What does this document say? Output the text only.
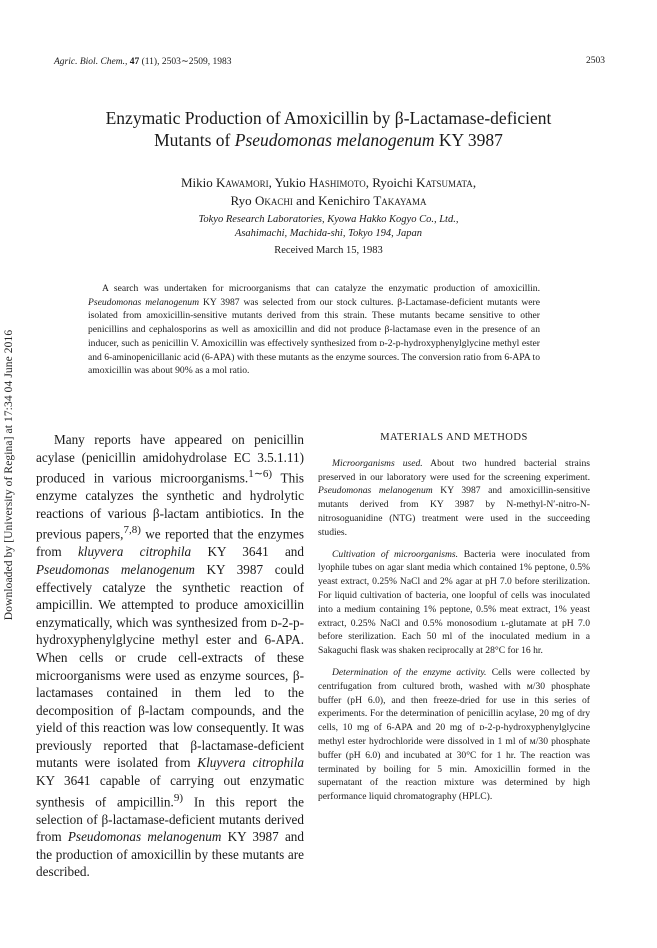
Downloaded by [University of Regina] at 17:34 04 June 2016
Agric. Biol. Chem., 47 (11), 2503∼2509, 1983	2503
Enzymatic Production of Amoxicillin by β-Lactamase-deficient
Mutants of Pseudomonas melanogenum KY 3987
Mikio Kawamori, Yukio Hashimoto, Ryoichi Katsumata,
Ryo Okachi and Kenichiro Takayama
Tokyo Research Laboratories, Kyowa Hakko Kogyo Co., Ltd.,
Asahimachi, Machida-shi, Tokyo 194, Japan
Received March 15, 1983
A search was undertaken for microorganisms that can catalyze the enzymatic production of amoxicillin. Pseudomonas melanogenum KY 3987 was selected from our stock cultures. β-Lactamase-deficient mutants were isolated from amoxicillin-sensitive mutants derived from this strain. These mutants became sensitive to other penicillins and cephalosporins as well as amoxicillin and did not produce β-lactamase even in the presence of an inducer, such as penicillin V. Amoxicillin was effectively synthesized from ᴅ-2-p-hydroxyphenylglycine methyl ester and 6-aminopenicillanic acid (6-APA) with these mutants as the enzyme sources. The conversion ratio from 6-APA to amoxicillin was about 90% as a mol ratio.
Many reports have appeared on penicillin acylase (penicillin amidohydrolase EC 3.5.1.11) produced in various microorganisms.$^{1\sim 6)}$ This enzyme catalyzes the synthetic and hydrolytic reactions of various β-lactam antibiotics. In the previous papers,$^{7,8)}$ we reported that the enzymes from kluyvera citrophila KY 3641 and Pseudomonas melanogenum KY 3987 could effectively catalyze the synthetic reaction of ampicillin. We attempted to produce amoxicillin enzymatically, which was synthesized from ᴅ-2-p-hydroxyphenylglycine methyl ester and 6-APA. When cells or crude cell-extracts of these microorganisms were used as enzyme sources, β-lactamases contained in them led to the decomposition of β-lactam compounds, and the yield of this reaction was low consequently. It was previously reported that β-lactamase-deficient mutants were isolated from Kluyvera citrophila KY 3641 capable of carrying out enzymatic synthesis of ampicillin.$^{9)}$ In this report the selection of β-lactamase-deficient mutants derived from Pseudomonas melanogenum KY 3987 and the production of amoxicillin by these mutants are described.
MATERIALS AND METHODS

Microorganisms used. About two hundred bacterial strains preserved in our laboratory were used for the screening experiment. Pseudomonas melanogenum KY 3987 and amoxicillin-sensitive mutants derived from KY 3987 by N-methyl-N′-nitro-N-nitrosoguanidine (NTG) treatment were used in the succeeding studies.

Cultivation of microorganisms. Bacteria were inoculated from lyophile tubes on agar slant media which contained 1% peptone, 0.5% yeast extract, 0.25% NaCl and 2% agar at pH 7.0 before sterilization. For liquid cultivation of bacteria, one loopful of cells was inoculated into a medium containing 1% peptone, 0.5% meat extract, 1% yeast extract, 0.25% NaCl and 0.5% monosodium ʟ-glutamate at pH 7.0 before sterilization. Each 50 ml of the inoculated medium in a Sakaguchi flask was shaken reciprocally at 28°C for 16 hr.

Determination of the enzyme activity. Cells were collected by centrifugation from cultured broth, washed with ᴍ/30 phosphate buffer (pH 6.0), and then freeze-dried for use in this series of experiments. For the determination of penicillin acylase, 20 mg of dry cells, 10 mg of 6-APA and 20 mg of ᴅ-2-p-hydroxyphenylglycine methyl ester hydrochloride were dissolved in 1 ml of ᴍ/30 phosphate buffer (pH 6.0) and incubated at 30°C for 1 hr. The reaction was terminated by boiling for 5 min. Amoxicillin formed in the supernatant of the reaction mixture was determined by high performance liquid chromatography (HPLC).
